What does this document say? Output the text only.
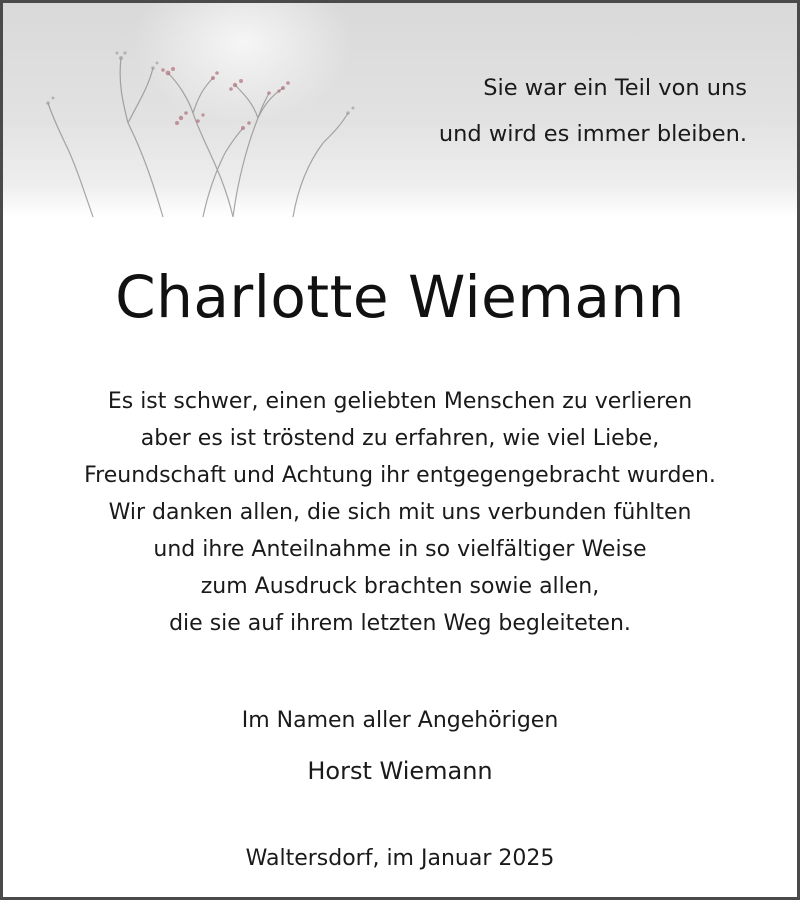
Sie war ein Teil von uns
und wird es immer bleiben.
Charlotte Wiemann
Es ist schwer, einen geliebten Menschen zu verlieren
aber es ist tröstend zu erfahren, wie viel Liebe,
Freundschaft und Achtung ihr entgegengebracht wurden.
Wir danken allen, die sich mit uns verbunden fühlten
und ihre Anteilnahme in so vielfältiger Weise
zum Ausdruck brachten sowie allen,
die sie auf ihrem letzten Weg begleiteten.
Im Namen aller Angehörigen
Horst Wiemann
Waltersdorf, im Januar 2025
